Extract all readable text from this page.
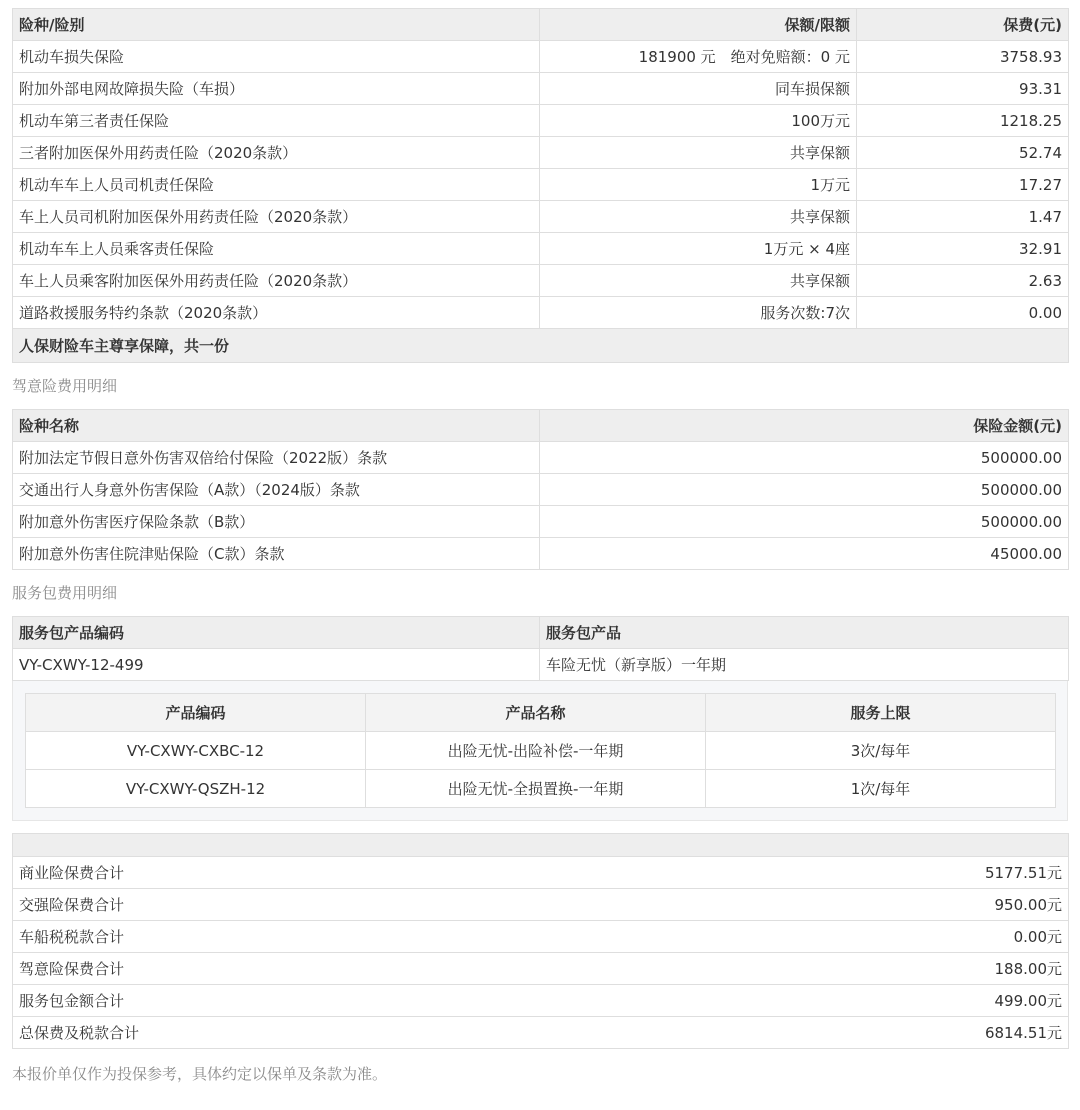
险种/险别	保额/限额	保费(元)
机动车损失保险	181900 元　绝对免赔额：0 元	3758.93
附加外部电网故障损失险（车损）	同车损保额	93.31
机动车第三者责任保险	100万元	1218.25
三者附加医保外用药责任险（2020条款）	共享保额	52.74
机动车车上人员司机责任保险	1万元	17.27
车上人员司机附加医保外用药责任险（2020条款）	共享保额	1.47
机动车车上人员乘客责任保险	1万元 × 4座	32.91
车上人员乘客附加医保外用药责任险（2020条款）	共享保额	2.63
道路救援服务特约条款（2020条款）	服务次数:7次	0.00
人保财险车主尊享保障，共一份		
驾意险费用明细
险种名称	保险金额(元)
附加法定节假日意外伤害双倍给付保险（2022版）条款	500000.00
交通出行人身意外伤害保险（A款）（2024版）条款	500000.00
附加意外伤害医疗保险条款（B款）	500000.00
附加意外伤害住院津贴保险（C款）条款	45000.00
服务包费用明细
服务包产品编码	服务包产品
VY-CXWY-12-499	车险无忧（新享版）一年期
产品编码	产品名称	服务上限
VY-CXWY-CXBC-12	出险无忧-出险补偿-一年期	3次/每年
VY-CXWY-QSZH-12	出险无忧-全损置换-一年期	1次/每年

商业险保费合计	5177.51元
交强险保费合计	950.00元
车船税税款合计	0.00元
驾意险保费合计	188.00元
服务包金额合计	499.00元
总保费及税款合计	6814.51元
本报价单仅作为投保参考，具体约定以保单及条款为准。
